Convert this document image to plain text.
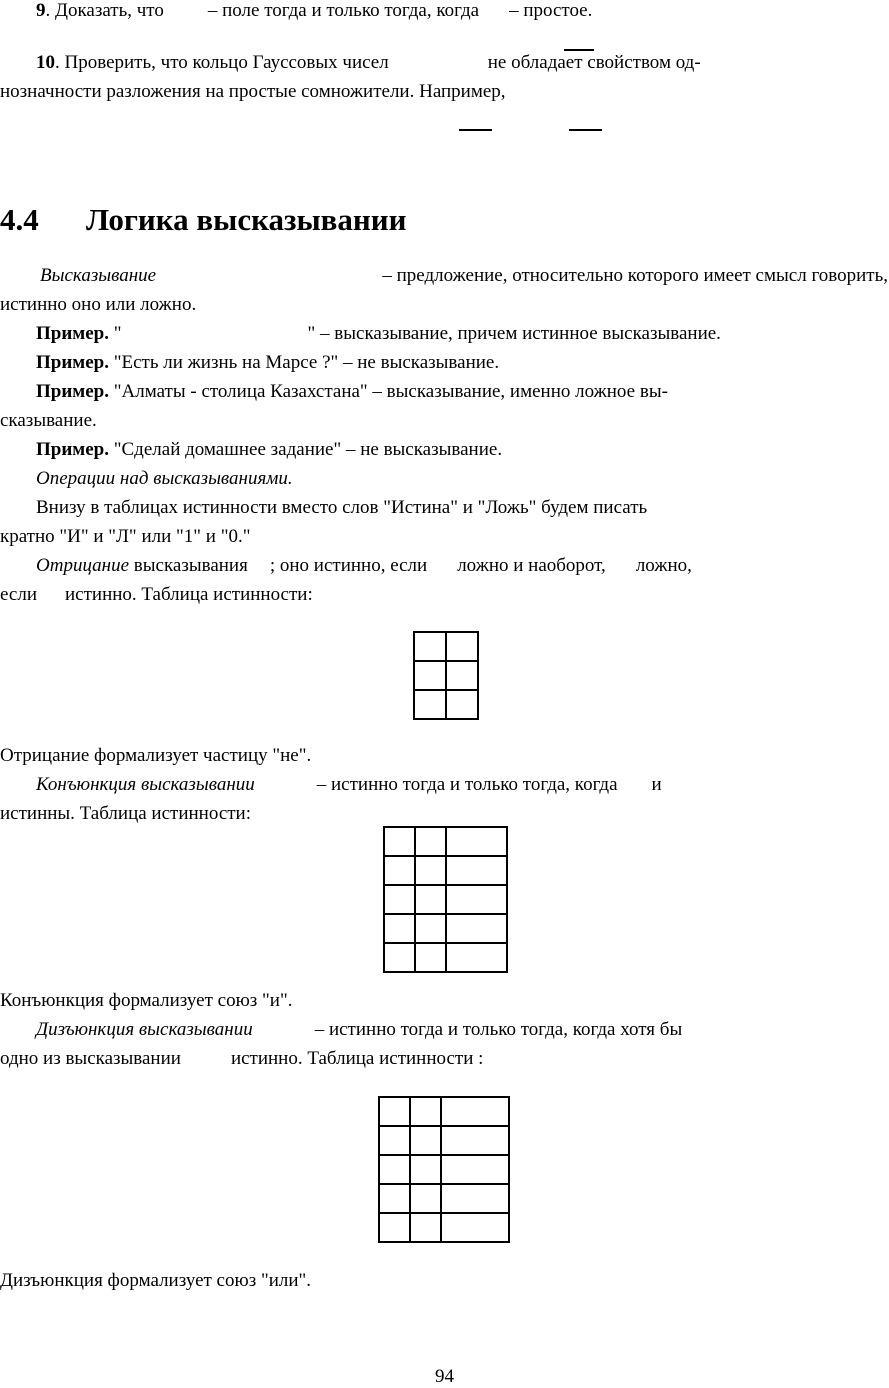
9. Доказать, что – поле тогда и только тогда, когда – простое.
10. Проверить, что кольцо Гауссовых чисел	не обладает свойством од-
нозначности разложения на простые сомножители. Например,
4.4 Логика высказывании
Высказывание	– предложение, относительно которого имеет смысл говорить,
истинно оно или ложно.
Пример. "	" – высказывание, причем истинное высказывание.
Пример. "Есть ли жизнь на Марсе ?" – не высказывание.
Пример. "Алматы - столица Казахстана" – высказывание, именно ложное вы-
сказывание.
Пример. "Сделай домашнее задание" – не высказывание.
Операции над высказываниями.
Внизу в таблицах истинности вместо слов "Истина" и "Ложь" будем писать
кратно "И" и "Л" или "1" и "0."
Отрицание высказывания ; оно истинно, если ложно и наоборот, ложно,
если истинно. Таблица истинности:

Отрицание формализует частицу "не".
Конъюнкция высказывании	– истинно тогда и только тогда, когда и
истинны. Таблица истинности:

Конъюнкция формализует союз "и".
Дизъюнкция высказывании	– истинно тогда и только тогда, когда хотя бы
одно из высказывании	истинно. Таблица истинности :

Дизъюнкция формализует союз "или".
94
